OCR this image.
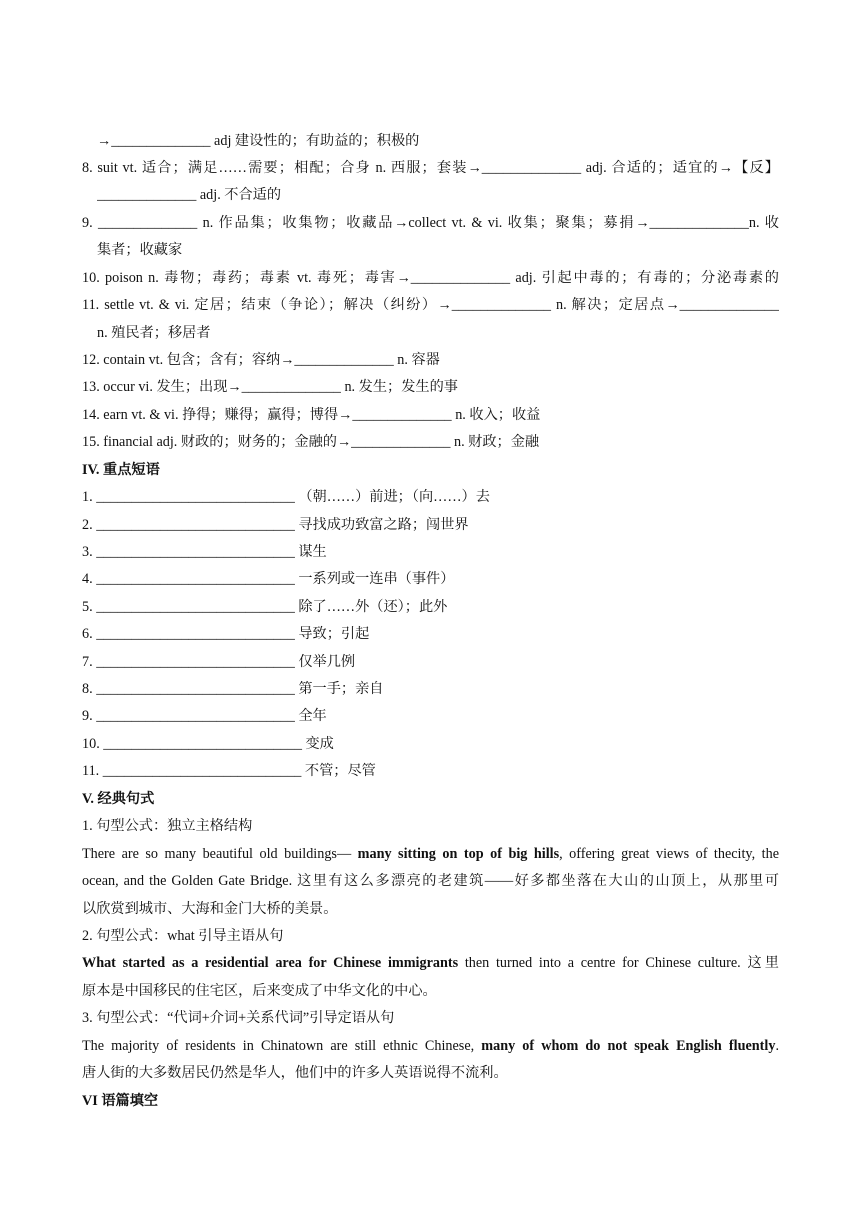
→______________ adj 建设性的；有助益的；积极的
8. suit vt. 适合；满足……需要；相配；合身 n. 西服；套装→______________ adj. 合适的；适宜的→【反】
______________ adj. 不合适的
9. ______________ n. 作品集；收集物；收藏品→collect vt. & vi. 收集；聚集；募捐→______________n. 收
集者；收藏家
10. poison n. 毒物；毒药；毒素 vt. 毒死；毒害→______________ adj. 引起中毒的；有毒的；分泌毒素的
11. settle vt. & vi. 定居；结束（争论）；解决（纠纷）→______________ n. 解决；定居点→______________
n. 殖民者；移居者
12. contain vt. 包含；含有；容纳→______________ n. 容器
13. occur vi. 发生；出现→______________ n. 发生；发生的事
14. earn vt. & vi. 挣得；赚得；赢得；博得→______________ n. 收入；收益
15. financial adj. 财政的；财务的；金融的→______________ n. 财政；金融
IV. 重点短语
1. ____________________________ （朝……）前进；（向……）去
2. ____________________________ 寻找成功致富之路；闯世界
3. ____________________________ 谋生
4. ____________________________ 一系列或一连串（事件）
5. ____________________________ 除了……外（还）；此外
6. ____________________________ 导致；引起
7. ____________________________ 仅举几例
8. ____________________________ 第一手；亲自
9. ____________________________ 全年
10. ____________________________ 变成
11. ____________________________ 不管；尽管
V. 经典句式
1. 句型公式：独立主格结构
There are so many beautiful old buildings— many sitting on top of big hills, offering great views of thecity, the
ocean, and the Golden Gate Bridge. 这里有这么多漂亮的老建筑——好多都坐落在大山的山顶上，从那里可
以欣赏到城市、大海和金门大桥的美景。
2. 句型公式：what 引导主语从句
What started as a residential area for Chinese immigrants then turned into a centre for Chinese culture. 这里
原本是中国移民的住宅区，后来变成了中华文化的中心。
3. 句型公式：“代词+介词+关系代词”引导定语从句
The majority of residents in Chinatown are still ethnic Chinese, many of whom do not speak English fluently.
唐人街的大多数居民仍然是华人，他们中的许多人英语说得不流利。
VI 语篇填空
